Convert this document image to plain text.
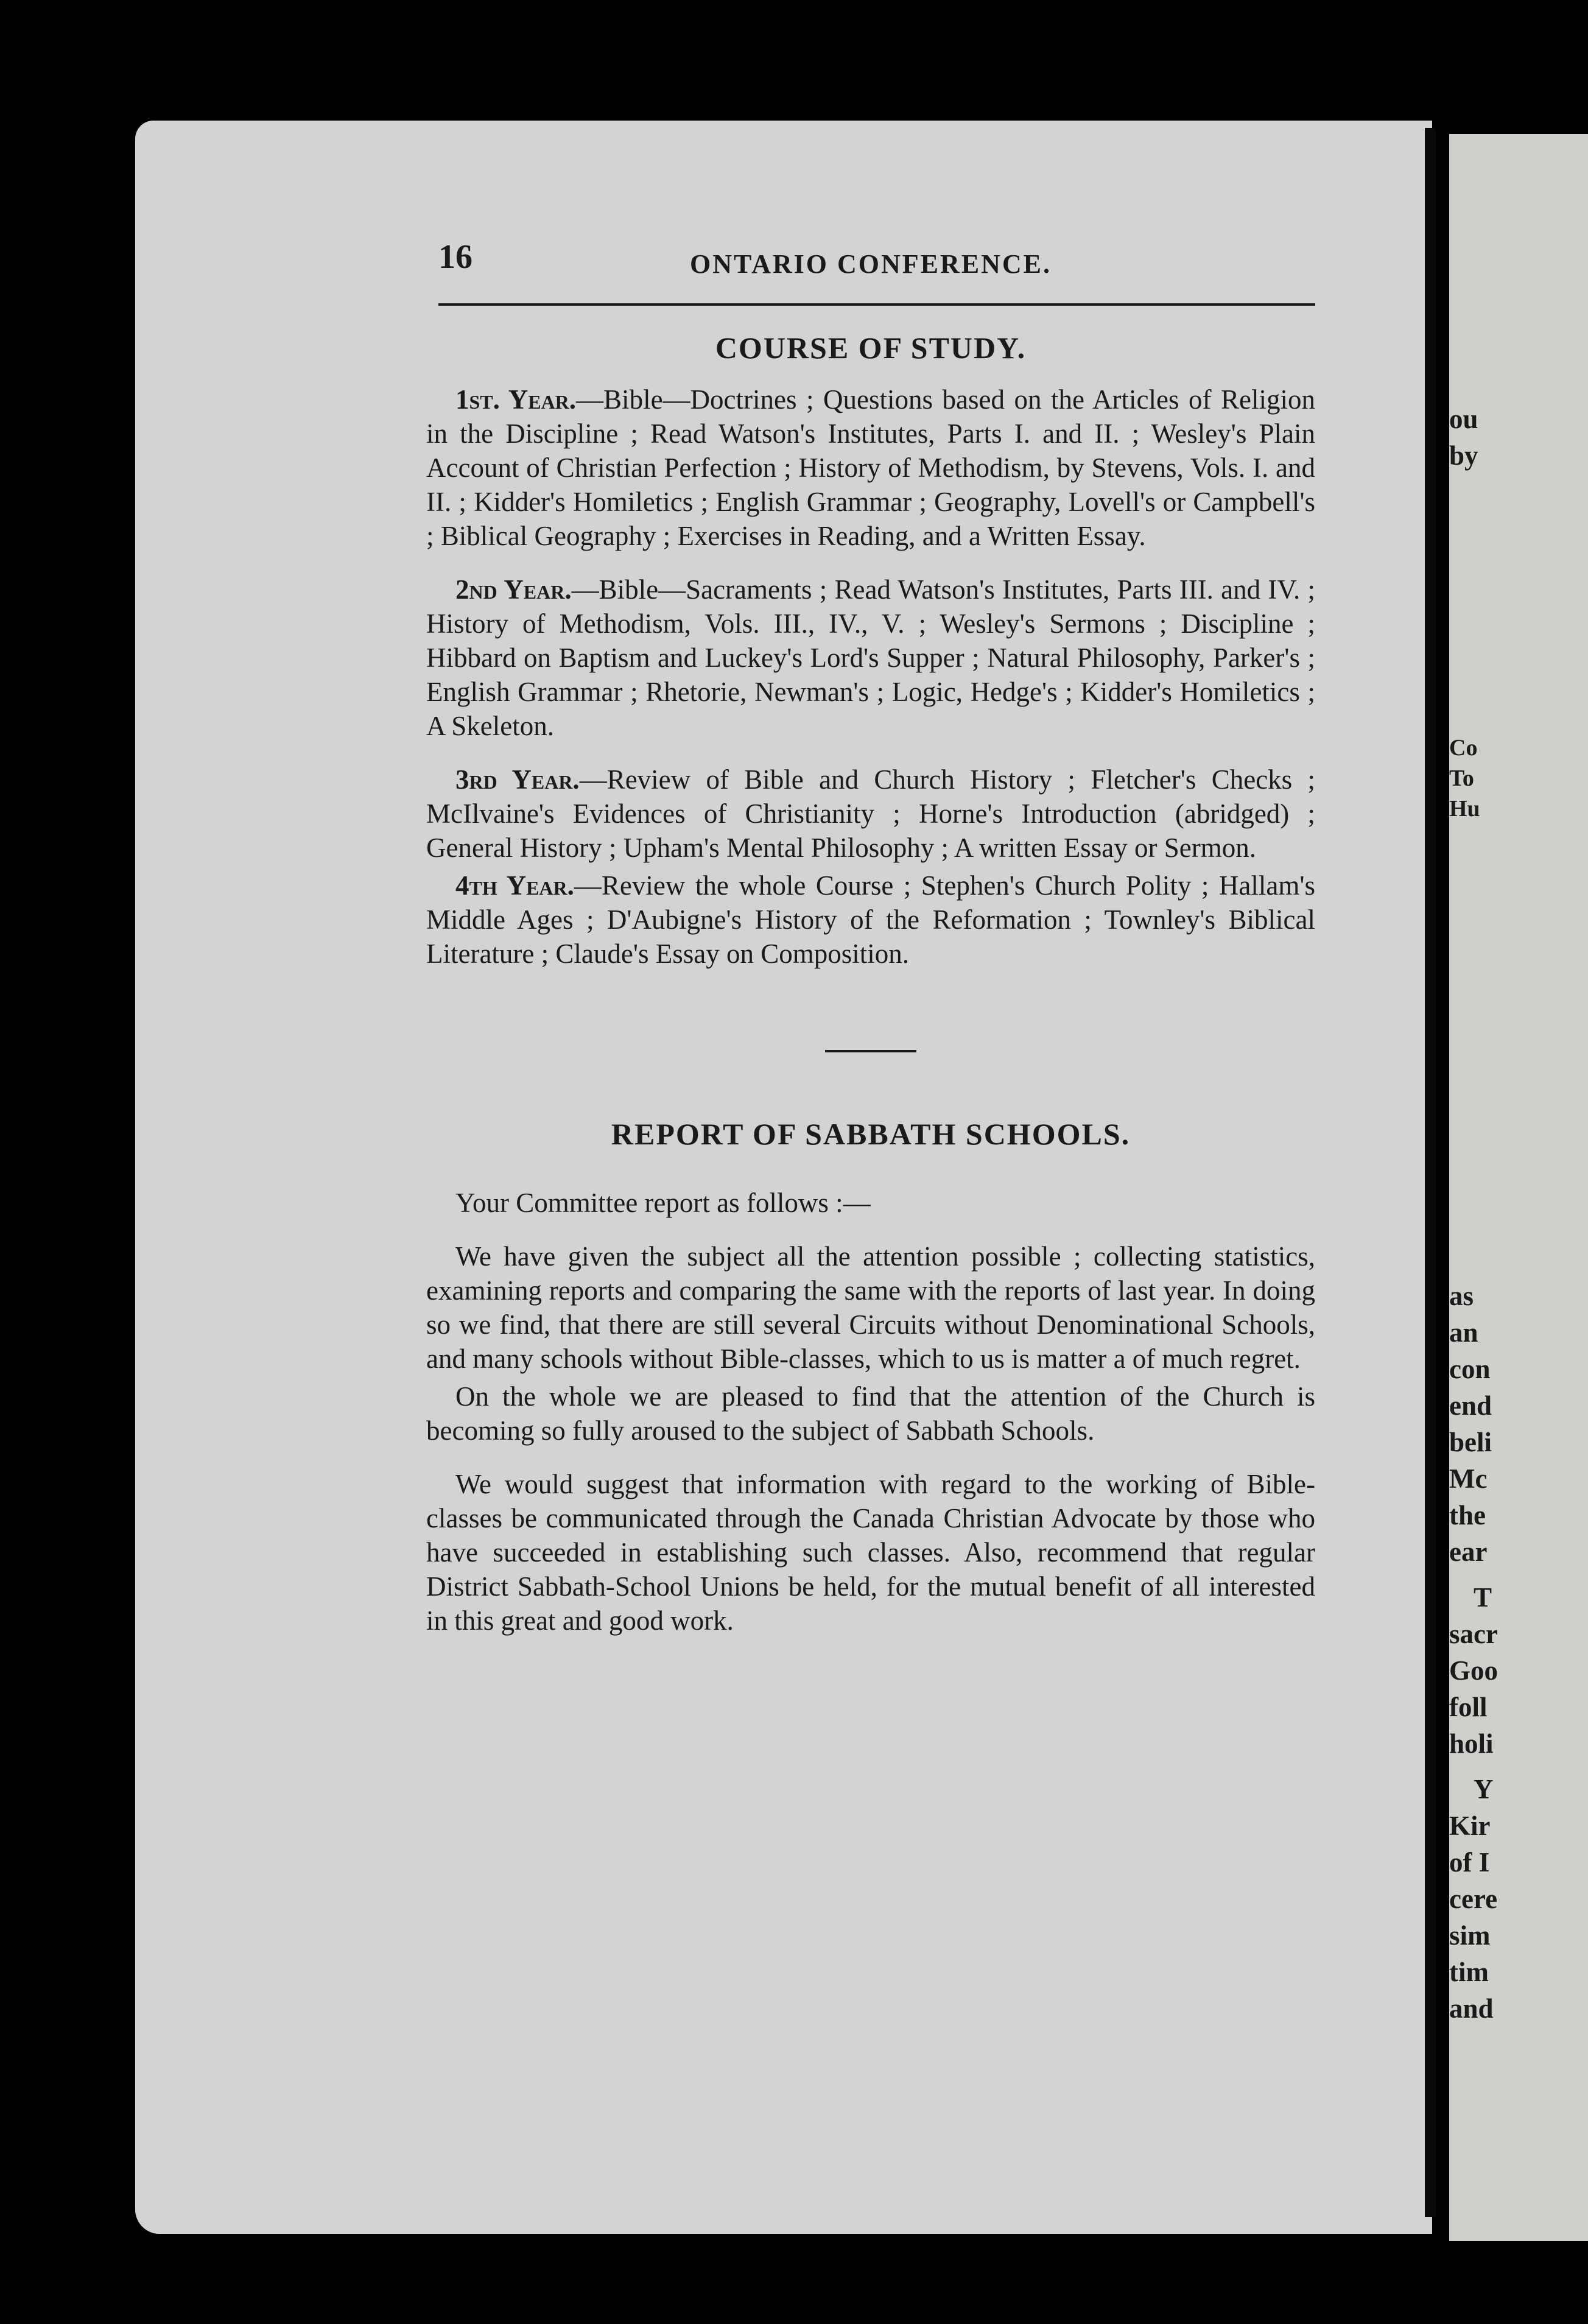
ou
by
Co
To
Hu
as
an
con
end
beli
Mc
the
ear
T
sacr
Goo
foll
holi
Y
Kir
of I
cere
sim
tim
and
16	ONTARIO CONFERENCE.
COURSE OF STUDY.

1st. Year.—Bible—Doctrines ; Questions based on the Articles of Religion in the Discipline ; Read Watson's Institutes, Parts I. and II. ; Wesley's Plain Account of Christian Perfection ; History of Methodism, by Stevens, Vols. I. and II. ; Kidder's Homiletics ; English Grammar ; Geography, Lovell's or Campbell's ; Biblical Geography ; Exercises in Reading, and a Written Essay.

2nd Year.—Bible—Sacraments ; Read Watson's Institutes, Parts III. and IV. ; History of Methodism, Vols. III., IV., V. ; Wesley's Sermons ; Discipline ; Hibbard on Baptism and Luckey's Lord's Supper ; Natural Philosophy, Parker's ; English Grammar ; Rhetorie, Newman's ; Logic, Hedge's ; Kidder's Homiletics ; A Skeleton.

3rd Year.—Review of Bible and Church History ; Fletcher's Checks ; McIlvaine's Evidences of Christianity ; Horne's Introduction (abridged) ; General History ; Upham's Mental Philosophy ; A written Essay or Sermon.

4th Year.—Review the whole Course ; Stephen's Church Polity ; Hallam's Middle Ages ; D'Aubigne's History of the Reformation ; Townley's Biblical Literature ; Claude's Essay on Composition.

REPORT OF SABBATH SCHOOLS.

Your Committee report as follows :—

We have given the subject all the attention possible ; collecting statistics, examining reports and comparing the same with the reports of last year. In doing so we find, that there are still several Circuits without Denominational Schools, and many schools without Bible-classes, which to us is matter a of much regret.

On the whole we are pleased to find that the attention of the Church is becoming so fully aroused to the subject of Sabbath Schools.

We would suggest that information with regard to the working of Bible-classes be communicated through the Canada Christian Advocate by those who have succeeded in establishing such classes. Also, recommend that regular District Sabbath-School Unions be held, for the mutual benefit of all interested in this great and good work.
